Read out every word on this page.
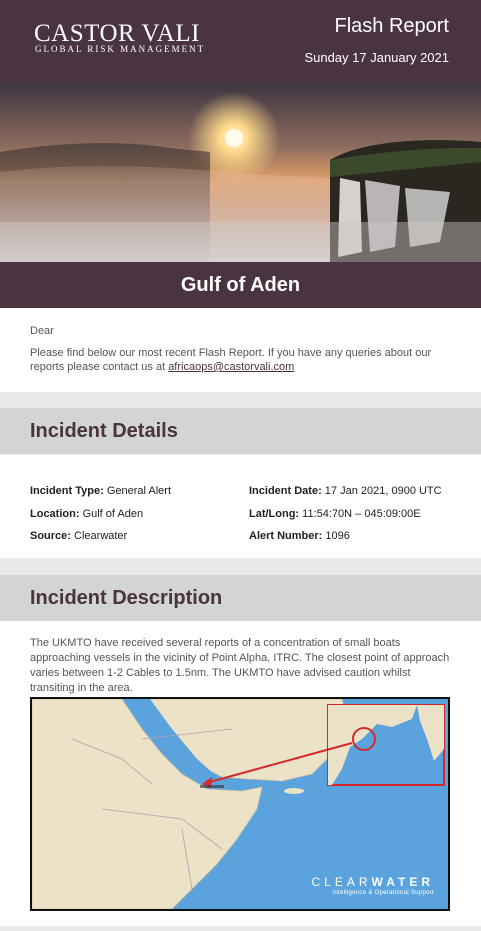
CASTOR VALI
GLOBAL RISK MANAGEMENT
Flash Report
Sunday 17 January 2021
Gulf of Aden

Dear

Please find below our most recent Flash Report. If you have any queries about our reports please contact us at africaops@castorvali.com

Incident Details
Incident Type: General Alert
Location: Gulf of Aden
Source: Clearwater
Incident Date: 17 Jan 2021, 0900 UTC
Lat/Long: 11:54:70N – 045:09:00E
Alert Number: 1096
Incident Description
The UKMTO have received several reports of a concentration of small boats approaching vessels in the vicinity of Point Alpha, ITRC. The closest point of approach varies between 1-2 Cables to 1.5nm. The UKMTO have advised caution whilst transiting in the area.
CLEARWATER
Intelligence & Operational Support
